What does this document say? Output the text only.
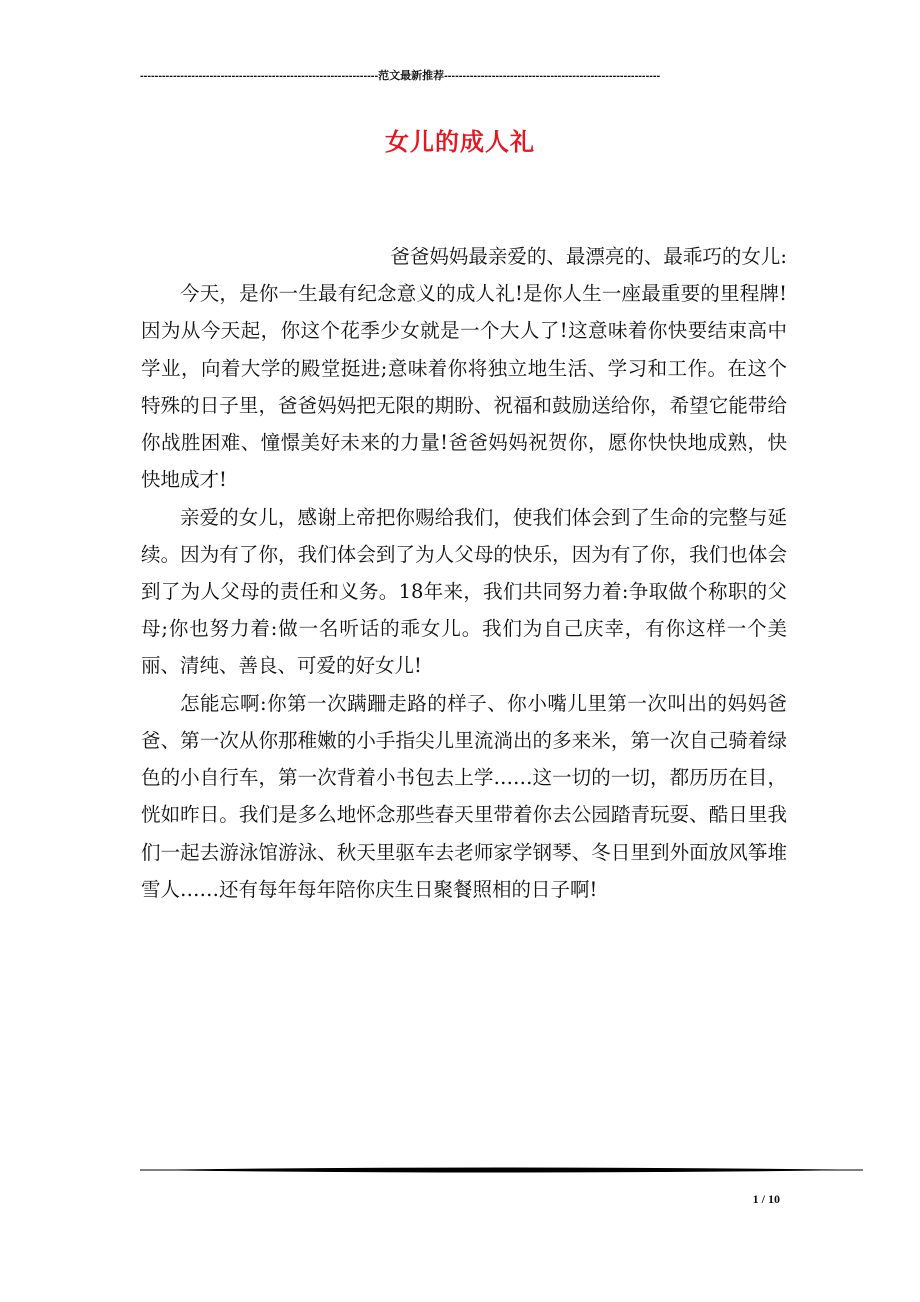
-----------------------------------------------------------------范文最新推荐-----------------------------------------------------------
女儿的成人礼

爸爸妈妈最亲爱的、最漂亮的、最乖巧的女儿:

今天，是你一生最有纪念意义的成人礼!是你人生一座最重要的里程牌!因为从今天起，你这个花季少女就是一个大人了!这意味着你快要结束高中学业，向着大学的殿堂挺进;意味着你将独立地生活、学习和工作。在这个特殊的日子里，爸爸妈妈把无限的期盼、祝福和鼓励送给你，希望它能带给你战胜困难、憧憬美好未来的力量!爸爸妈妈祝贺你，愿你快快地成熟，快快地成才!

亲爱的女儿，感谢上帝把你赐给我们，使我们体会到了生命的完整与延续。因为有了你，我们体会到了为人父母的快乐，因为有了你，我们也体会到了为人父母的责任和义务。18年来，我们共同努力着:争取做个称职的父母;你也努力着:做一名听话的乖女儿。我们为自己庆幸，有你这样一个美丽、清纯、善良、可爱的好女儿!

怎能忘啊:你第一次蹒跚走路的样子、你小嘴儿里第一次叫出的妈妈爸爸、第一次从你那稚嫩的小手指尖儿里流淌出的多来米，第一次自己骑着绿色的小自行车，第一次背着小书包去上学……这一切的一切，都历历在目，恍如昨日。我们是多么地怀念那些春天里带着你去公园踏青玩耍、酷日里我们一起去游泳馆游泳、秋天里驱车去老师家学钢琴、冬日里到外面放风筝堆雪人……还有每年每年陪你庆生日聚餐照相的日子啊!

1 / 10
